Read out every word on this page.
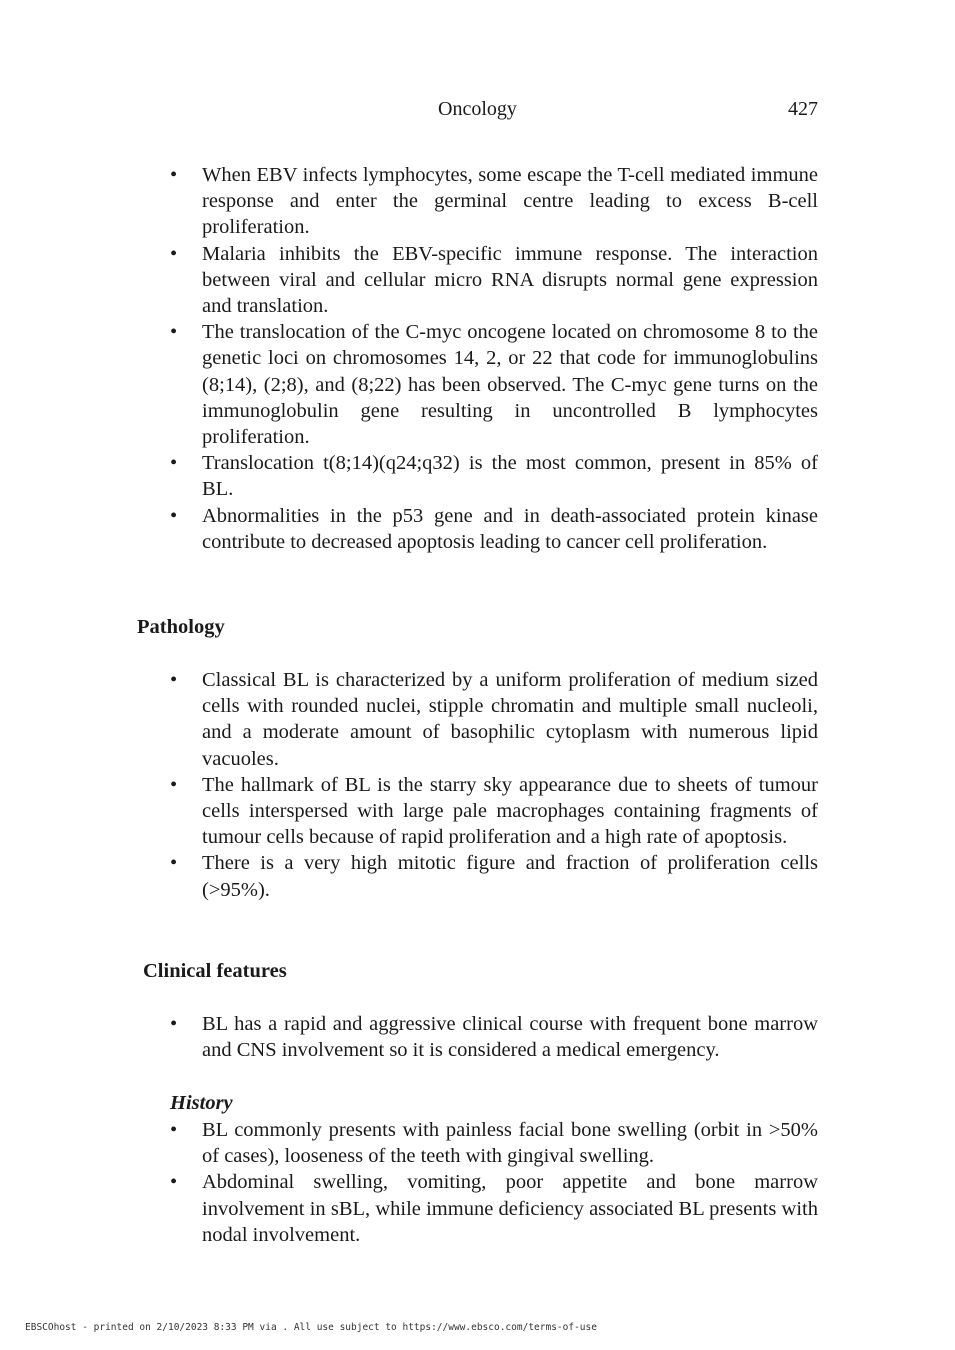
Oncology	427
• When EBV infects lymphocytes, some escape the T-cell mediated immune response and enter the germinal centre leading to excess B-cell proliferation.
• Malaria inhibits the EBV-specific immune response. The interaction between viral and cellular micro RNA disrupts normal gene expression and translation.
• The translocation of the C-myc oncogene located on chromosome 8 to the genetic loci on chromosomes 14, 2, or 22 that code for immunoglobulins (8;14), (2;8), and (8;22) has been observed. The C-myc gene turns on the immunoglobulin gene resulting in uncontrolled B lymphocytes proliferation.
• Translocation t(8;14)(q24;q32) is the most common, present in 85% of BL.
• Abnormalities in the p53 gene and in death-associated protein kinase contribute to decreased apoptosis leading to cancer cell proliferation.
Pathology
• Classical BL is characterized by a uniform proliferation of medium sized cells with rounded nuclei, stipple chromatin and multiple small nucleoli, and a moderate amount of basophilic cytoplasm with numerous lipid vacuoles.
• The hallmark of BL is the starry sky appearance due to sheets of tumour cells interspersed with large pale macrophages containing fragments of tumour cells because of rapid proliferation and a high rate of apoptosis.
• There is a very high mitotic figure and fraction of proliferation cells (>95%).
Clinical features
• BL has a rapid and aggressive clinical course with frequent bone marrow and CNS involvement so it is considered a medical emergency.
History
• BL commonly presents with painless facial bone swelling (orbit in >50% of cases), looseness of the teeth with gingival swelling.
• Abdominal swelling, vomiting, poor appetite and bone marrow involvement in sBL, while immune deficiency associated BL presents with nodal involvement.
EBSCOhost - printed on 2/10/2023 8:33 PM via . All use subject to https://www.ebsco.com/terms-of-use
